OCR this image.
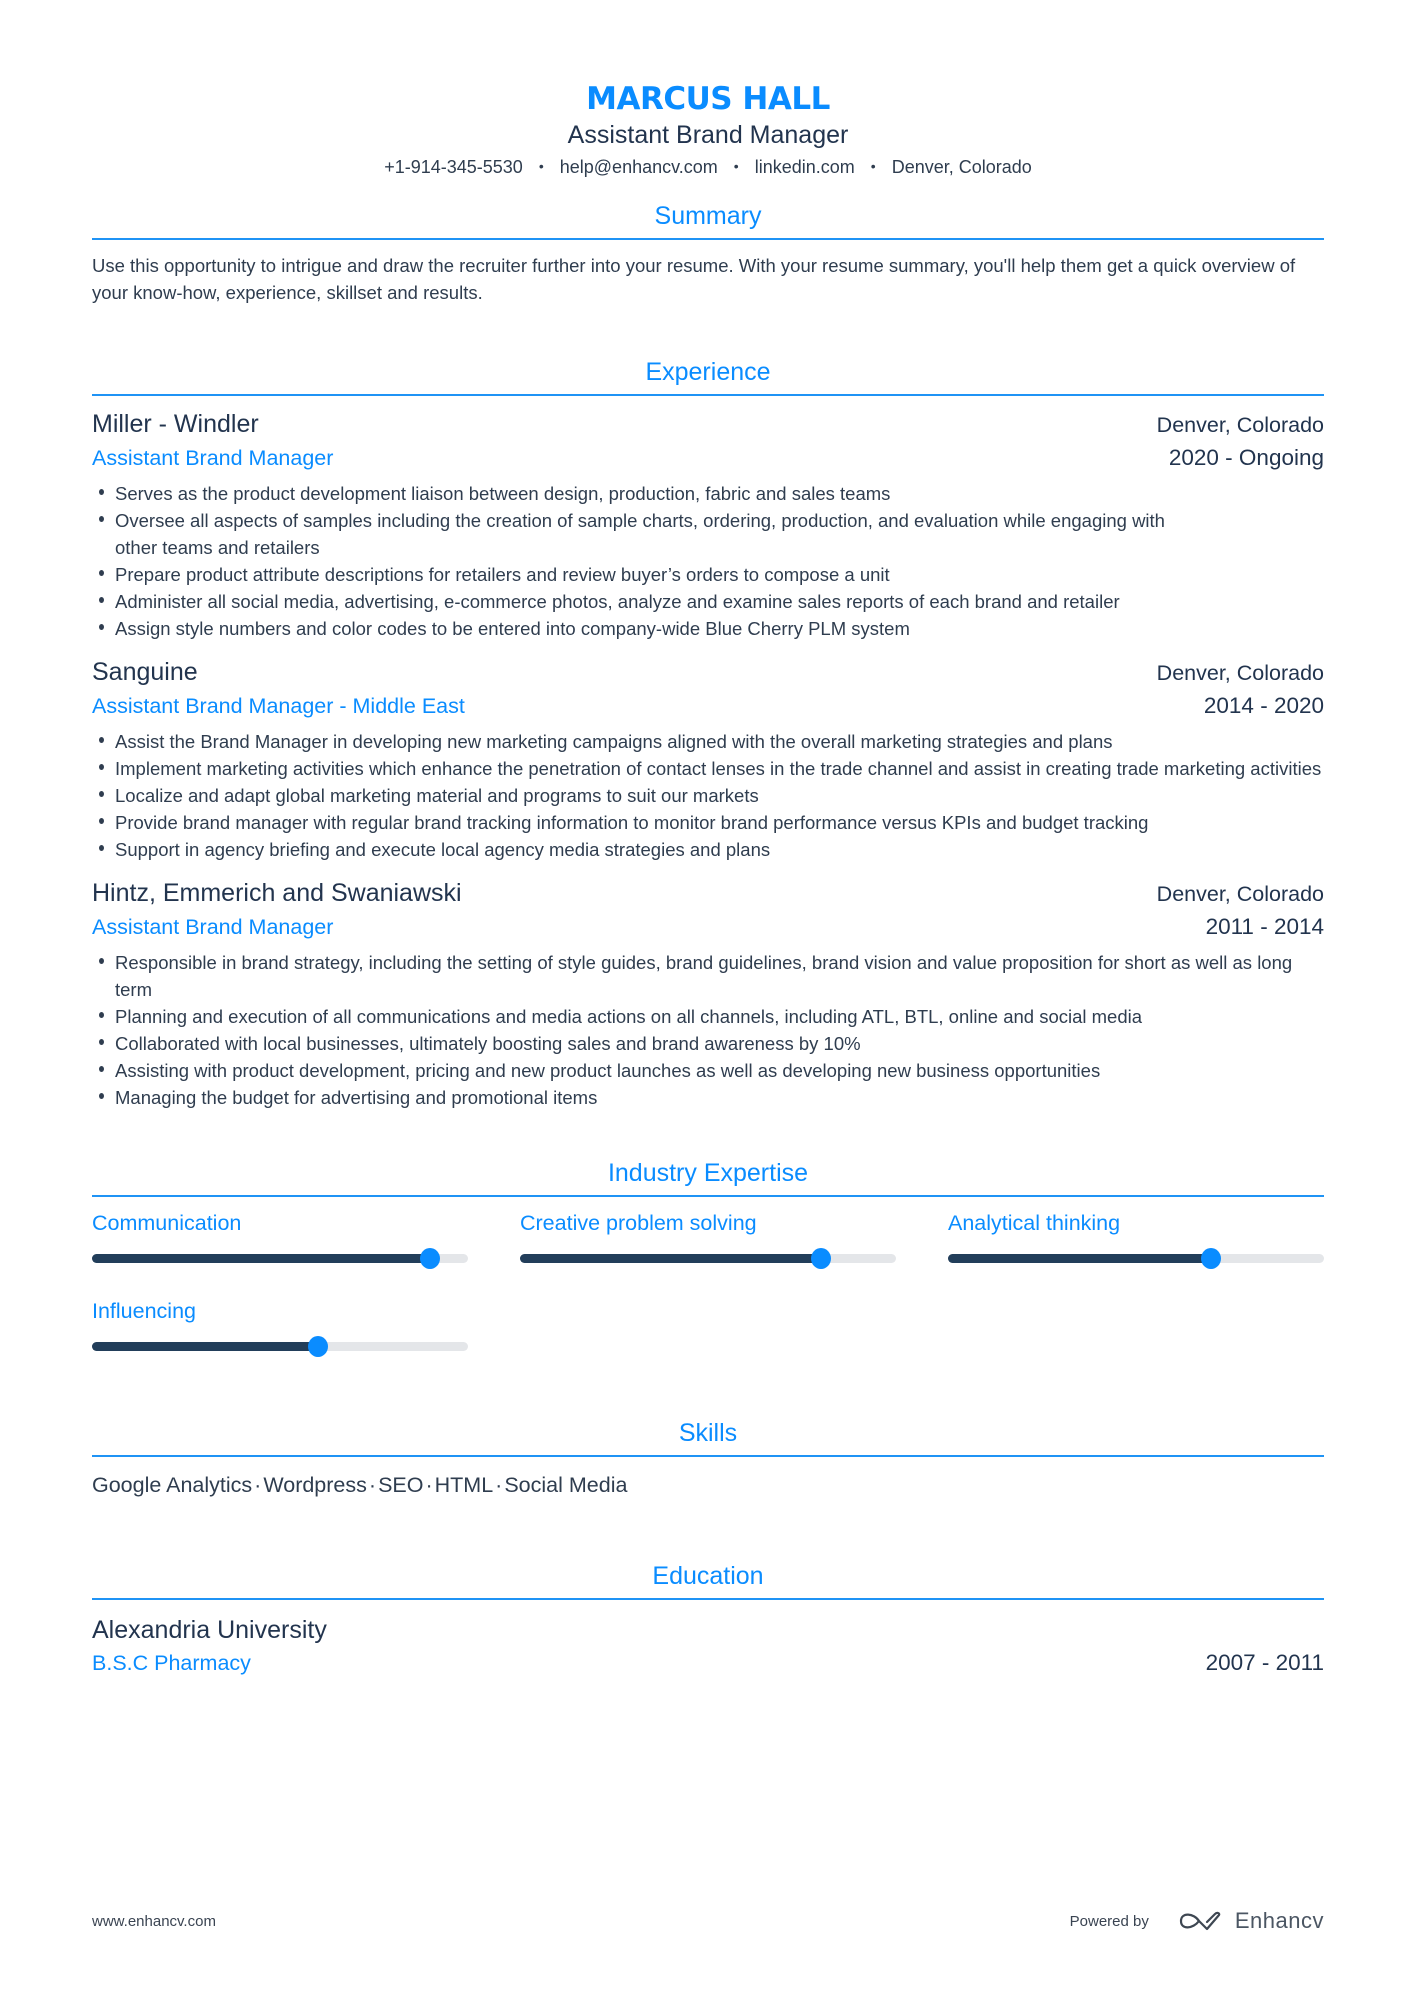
MARCUS HALL
Assistant Brand Manager
+1-914-345-5530 • help@enhancv.com • linkedin.com • Denver, Colorado
Summary
Use this opportunity to intrigue and draw the recruiter further into your resume. With your resume summary, you'll help them get a quick overview of your know-how, experience, skillset and results.
Experience
Miller - Windler	Denver, Colorado
Assistant Brand Manager	2020 - Ongoing
Serves as the product development liaison between design, production, fabric and sales teams
Oversee all aspects of samples including the creation of sample charts, ordering, production, and evaluation while engaging with other teams and retailers
Prepare product attribute descriptions for retailers and review buyer’s orders to compose a unit
Administer all social media, advertising, e-commerce photos, analyze and examine sales reports of each brand and retailer
Assign style numbers and color codes to be entered into company-wide Blue Cherry PLM system
Sanguine	Denver, Colorado
Assistant Brand Manager - Middle East	2014 - 2020
Assist the Brand Manager in developing new marketing campaigns aligned with the overall marketing strategies and plans
Implement marketing activities which enhance the penetration of contact lenses in the trade channel and assist in creating trade marketing activities
Localize and adapt global marketing material and programs to suit our markets
Provide brand manager with regular brand tracking information to monitor brand performance versus KPIs and budget tracking
Support in agency briefing and execute local agency media strategies and plans
Hintz, Emmerich and Swaniawski	Denver, Colorado
Assistant Brand Manager	2011 - 2014
Responsible in brand strategy, including the setting of style guides, brand guidelines, brand vision and value proposition for short as well as long term
Planning and execution of all communications and media actions on all channels, including ATL, BTL, online and social media
Collaborated with local businesses, ultimately boosting sales and brand awareness by 10%
Assisting with product development, pricing and new product launches as well as developing new business opportunities
Managing the budget for advertising and promotional items
Industry Expertise
Communication	Creative problem solving	Analytical thinking
Influencing
Skills
Google Analytics·Wordpress·SEO·HTML·Social Media
Education
Alexandria University
B.S.C Pharmacy	2007 - 2011
www.enhancv.com	Powered by	Enhancv
